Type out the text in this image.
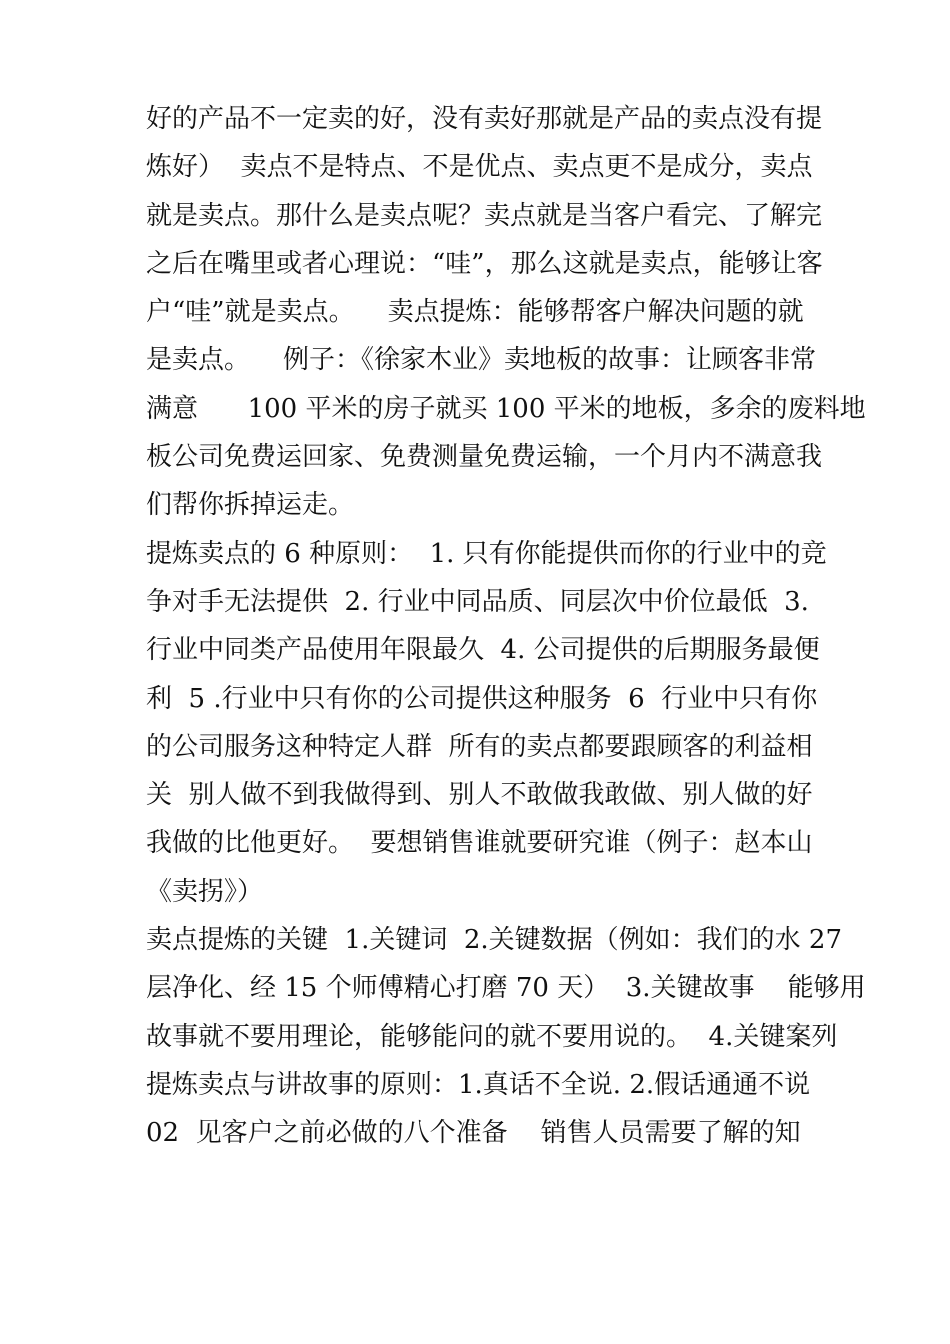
好的产品不一定卖的好，没有卖好那就是产品的卖点没有提
炼好）  卖点不是特点、不是优点、卖点更不是成分，卖点
就是卖点。那什么是卖点呢？卖点就是当客户看完、了解完
之后在嘴里或者心理说：“哇”，那么这就是卖点，能够让客
户“哇”就是卖点。    卖点提炼：能够帮客户解决问题的就
是卖点。    例子：《徐家木业》卖地板的故事：让顾客非常
满意      100 平米的房子就买 100 平米的地板，多余的废料地
板公司免费运回家、免费测量免费运输，一个月内不满意我
们帮你拆掉运走。
提炼卖点的 6 种原则：  1. 只有你能提供而你的行业中的竞
争对手无法提供  2. 行业中同品质、同层次中价位最低  3.
行业中同类产品使用年限最久  4. 公司提供的后期服务最便
利  5 .行业中只有你的公司提供这种服务  6  行业中只有你
的公司服务这种特定人群  所有的卖点都要跟顾客的利益相
关  别人做不到我做得到、别人不敢做我敢做、别人做的好
我做的比他更好。  要想销售谁就要研究谁（例子：赵本山
《卖拐》）
卖点提炼的关键  1.关键词  2.关键数据（例如：我们的水 27
层净化、经 15 个师傅精心打磨 70 天）  3.关键故事    能够用
故事就不要用理论，能够能问的就不要用说的。  4.关键案列
提炼卖点与讲故事的原则：1.真话不全说. 2.假话通通不说
02  见客户之前必做的八个准备    销售人员需要了解的知
